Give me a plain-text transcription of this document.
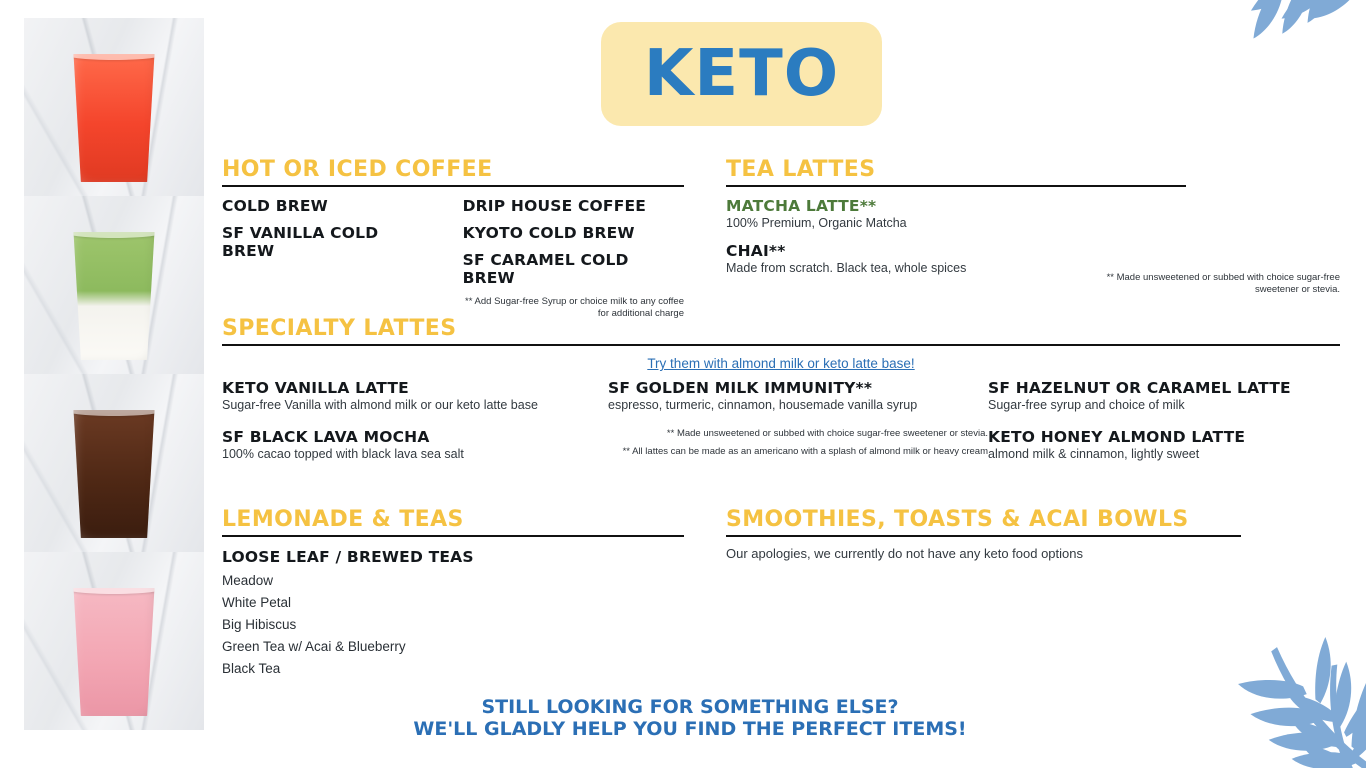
KETO
HOT OR ICED COFFEE
COLD BREW
SF VANILLA COLD BREW
DRIP HOUSE COFFEE
KYOTO COLD BREW
SF CARAMEL COLD BREW
** Add Sugar-free Syrup or choice milk to any coffee for additional charge
TEA LATTES
MATCHA LATTE**
100% Premium, Organic Matcha
CHAI**
Made from scratch. Black tea, whole spices
** Made unsweetened or subbed with choice sugar-free sweetener or stevia.
SPECIALTY LATTES
Try them with almond milk or keto latte base!
KETO VANILLA LATTE
Sugar-free Vanilla with almond milk or our keto latte base
SF BLACK LAVA MOCHA
100% cacao topped with black lava sea salt
SF GOLDEN MILK IMMUNITY**
espresso, turmeric, cinnamon, housemade vanilla syrup
** Made unsweetened or subbed with choice sugar-free sweetener or stevia.
** All lattes can be made as an americano with a splash of almond milk or heavy cream
SF HAZELNUT OR CARAMEL LATTE
Sugar-free syrup and choice of milk
KETO HONEY ALMOND LATTE
almond milk & cinnamon, lightly sweet
LEMONADE & TEAS
LOOSE LEAF / BREWED TEAS
Meadow
White Petal
Big Hibiscus
Green Tea w/ Acai & Blueberry
Black Tea
SMOOTHIES, TOASTS & ACAI BOWLS
Our apologies, we currently do not have any keto food options
STILL LOOKING FOR SOMETHING ELSE?
WE'LL GLADLY HELP YOU FIND THE PERFECT ITEMS!
